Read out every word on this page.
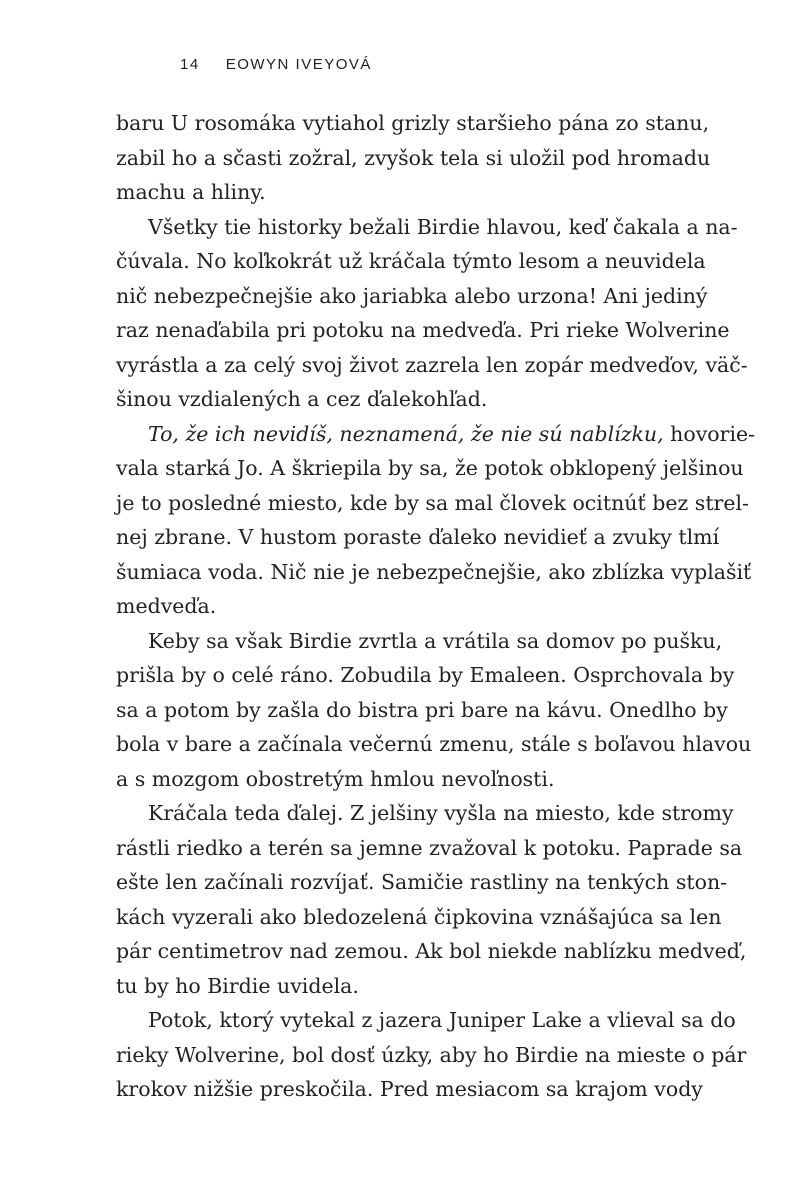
14 EOWYN IVEYOVÁ
baru U rosomáka vytiahol grizly staršieho pána zo stanu,
zabil ho a sčasti zožral, zvyšok tela si uložil pod hromadu
machu a hliny.
Všetky tie historky bežali Birdie hlavou, keď čakala a na-
čúvala. No koľkokrát už kráčala týmto lesom a neuvidela
nič nebezpečnejšie ako jariabka alebo urzona! Ani jediný
raz nenaďabila pri potoku na medveďa. Pri rieke Wolverine
vyrástla a za celý svoj život zazrela len zopár medveďov, väč-
šinou vzdialených a cez ďalekohľad.
To, že ich nevidíš, neznamená, že nie sú nablízku, hovorie-
vala starká Jo. A škriepila by sa, že potok obklopený jelšinou
je to posledné miesto, kde by sa mal človek ocitnúť bez strel-
nej zbrane. V hustom poraste ďaleko nevidieť a zvuky tlmí
šumiaca voda. Nič nie je nebezpečnejšie, ako zblízka vyplašiť
medveďa.
Keby sa však Birdie zvrtla a vrátila sa domov po pušku,
prišla by o celé ráno. Zobudila by Emaleen. Osprchovala by
sa a potom by zašla do bistra pri bare na kávu. Onedlho by
bola v bare a začínala večernú zmenu, stále s boľavou hlavou
a s mozgom obostretým hmlou nevoľnosti.
Kráčala teda ďalej. Z jelšiny vyšla na miesto, kde stromy
rástli riedko a terén sa jemne zvažoval k potoku. Paprade sa
ešte len začínali rozvíjať. Samičie rastliny na tenkých ston-
kách vyzerali ako bledozelená čipkovina vznášajúca sa len
pár centimetrov nad zemou. Ak bol niekde nablízku medveď,
tu by ho Birdie uvidela.
Potok, ktorý vytekal z jazera Juniper Lake a vlieval sa do
rieky Wolverine, bol dosť úzky, aby ho Birdie na mieste o pár
krokov nižšie preskočila. Pred mesiacom sa krajom vody
